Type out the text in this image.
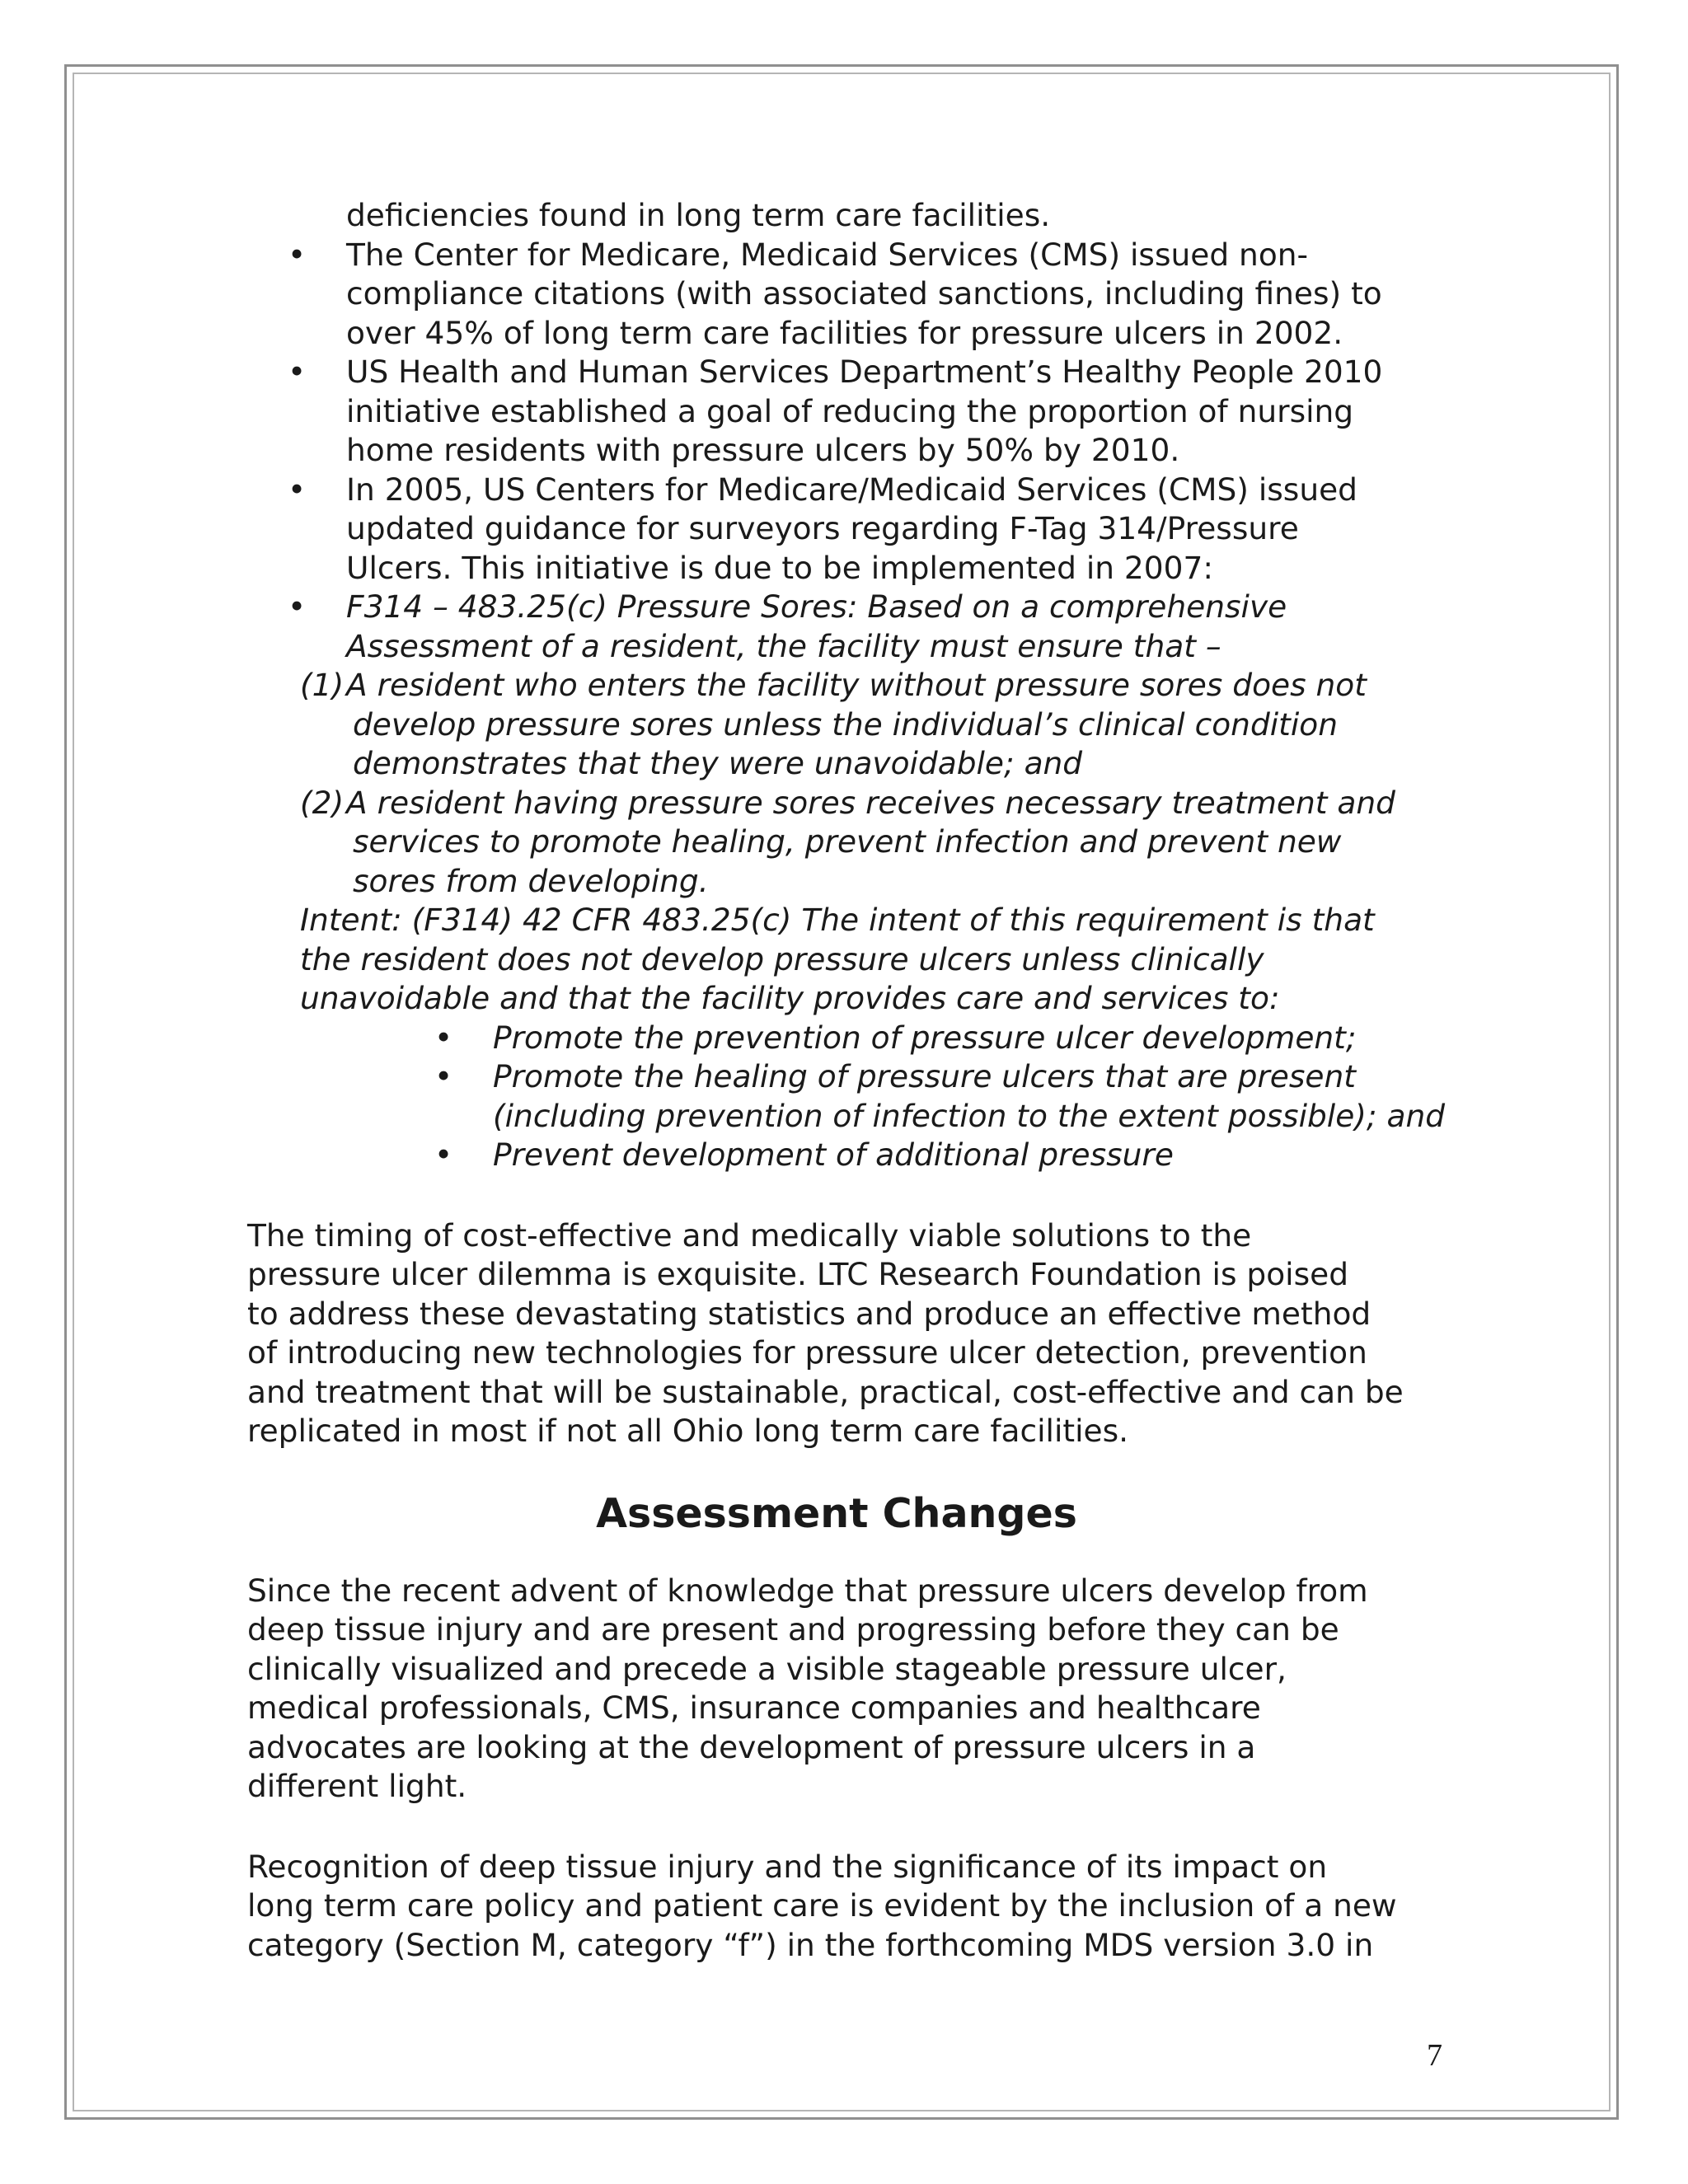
deficiencies found in long term care facilities.

•	The Center for Medicare, Medicaid Services (CMS) issued non-

compliance citations (with associated sanctions, including fines) to

over 45% of long term care facilities for pressure ulcers in 2002.

•	US Health and Human Services Department’s Healthy People 2010

initiative established a goal of reducing the proportion of nursing

home residents with pressure ulcers by 50% by 2010.

•	In 2005, US Centers for Medicare/Medicaid Services (CMS) issued

updated guidance for surveyors regarding F-Tag 314/Pressure

Ulcers. This initiative is due to be implemented in 2007:

•	F314 – 483.25(c) Pressure Sores: Based on a comprehensive

Assessment of a resident, the facility must ensure that –

(1) A resident who enters the facility without pressure sores does not

develop pressure sores unless the individual’s clinical condition

demonstrates that they were unavoidable; and

(2) A resident having pressure sores receives necessary treatment and

services to promote healing, prevent infection and prevent new

sores from developing.

Intent: (F314) 42 CFR 483.25(c) The intent of this requirement is that

the resident does not develop pressure ulcers unless clinically

unavoidable and that the facility provides care and services to:

•	Promote the prevention of pressure ulcer development;

•	Promote the healing of pressure ulcers that are present

(including prevention of infection to the extent possible); and

•	Prevent development of additional pressure

The timing of cost-effective and medically viable solutions to the

pressure ulcer dilemma is exquisite. LTC Research Foundation is poised

to address these devastating statistics and produce an effective method

of introducing new technologies for pressure ulcer detection, prevention

and treatment that will be sustainable, practical, cost-effective and can be

replicated in most if not all Ohio long term care facilities.

Assessment Changes

Since the recent advent of knowledge that pressure ulcers develop from

deep tissue injury and are present and progressing before they can be

clinically visualized and precede a visible stageable pressure ulcer,

medical professionals, CMS, insurance companies and healthcare

advocates are looking at the development of pressure ulcers in a

different light.

Recognition of deep tissue injury and the significance of its impact on

long term care policy and patient care is evident by the inclusion of a new

category (Section M, category “f”) in the forthcoming MDS version 3.0 in

7
